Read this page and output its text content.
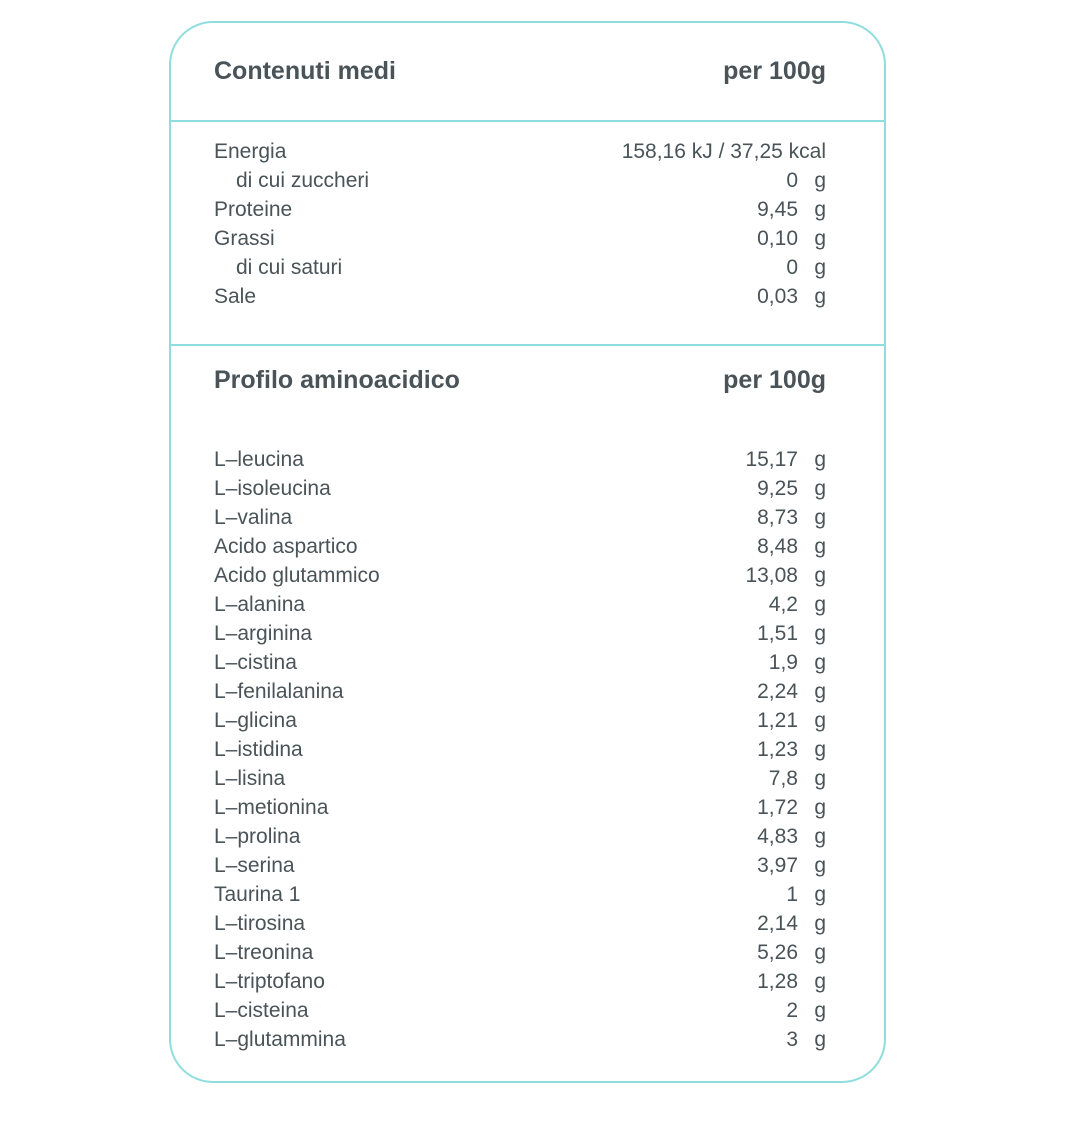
Contenuti medi	per 100g
Energia	158,16 kJ / 37,25 kcal
di cui zuccheri	0 g
Proteine	9,45 g
Grassi	0,10 g
di cui saturi	0 g
Sale	0,03 g
Profilo aminoacidico	per 100g
L–leucina	15,17 g
L–isoleucina	9,25 g
L–valina	8,73 g
Acido aspartico	8,48 g
Acido glutammico	13,08 g
L–alanina	4,2 g
L–arginina	1,51 g
L–cistina	1,9 g
L–fenilalanina	2,24 g
L–glicina	1,21 g
L–istidina	1,23 g
L–lisina	7,8 g
L–metionina	1,72 g
L–prolina	4,83 g
L–serina	3,97 g
Taurina 1	1 g
L–tirosina	2,14 g
L–treonina	5,26 g
L–triptofano	1,28 g
L–cisteina	2 g
L–glutammina	3 g
